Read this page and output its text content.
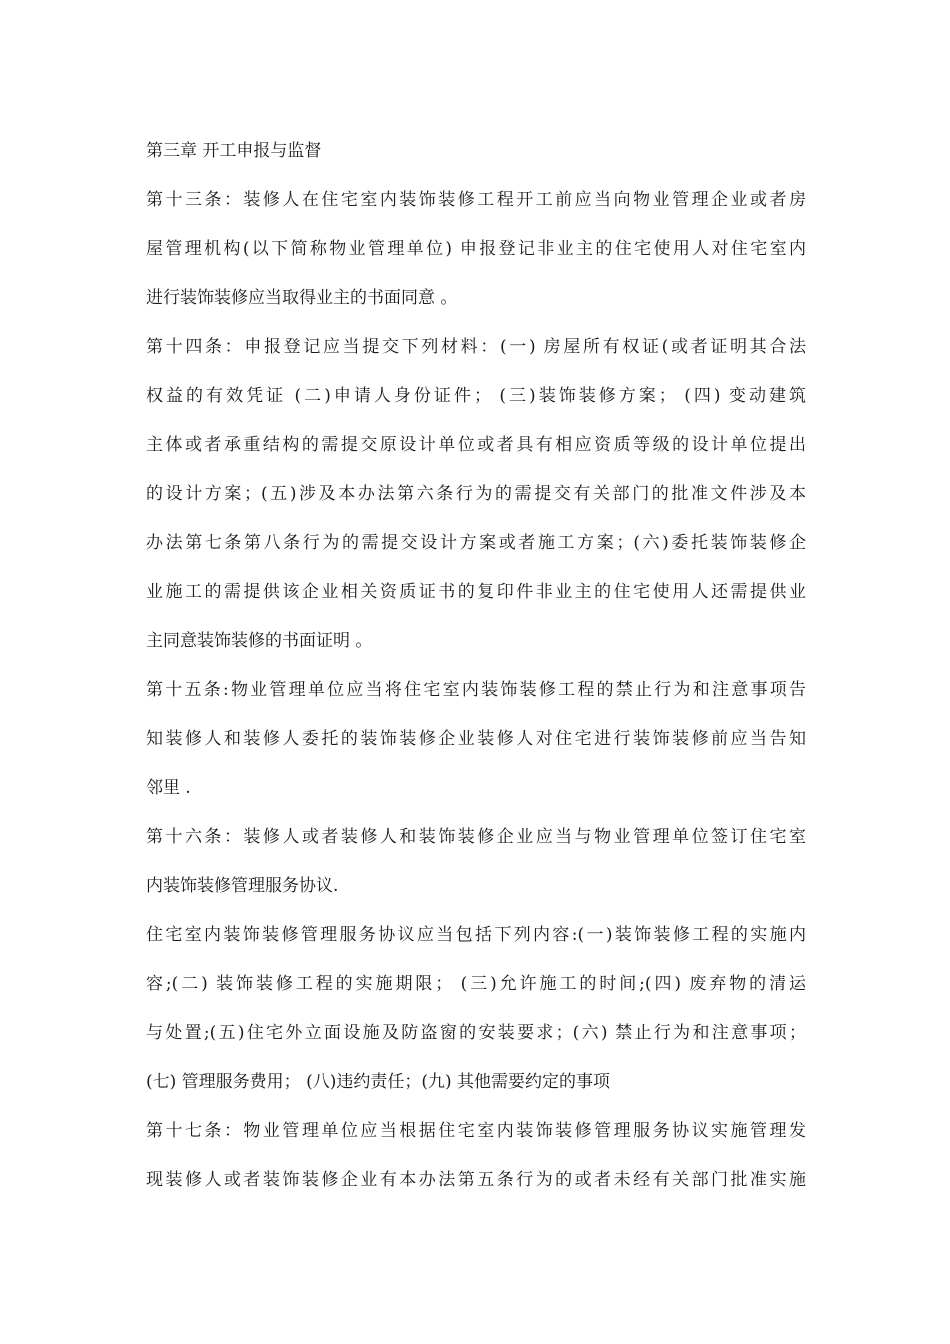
第三章 开工申报与监督

第十三条：装修人在住宅室内装饰装修工程开工前应当向物业管理企业或者房

屋管理机构(以下简称物业管理单位) 申报登记非业主的住宅使用人对住宅室内

进行装饰装修应当取得业主的书面同意 。

第十四条：申报登记应当提交下列材料：(一) 房屋所有权证(或者证明其合法

权益的有效凭证 (二)申请人身份证件； (三)装饰装修方案； (四) 变动建筑

主体或者承重结构的需提交原设计单位或者具有相应资质等级的设计单位提出

的设计方案；(五)涉及本办法第六条行为的需提交有关部门的批准文件涉及本

办法第七条第八条行为的需提交设计方案或者施工方案；(六)委托装饰装修企

业施工的需提供该企业相关资质证书的复印件非业主的住宅使用人还需提供业

主同意装饰装修的书面证明 。

第十五条:物业管理单位应当将住宅室内装饰装修工程的禁止行为和注意事项告

知装修人和装修人委托的装饰装修企业装修人对住宅进行装饰装修前应当告知

邻里 .

第十六条：装修人或者装修人和装饰装修企业应当与物业管理单位签订住宅室

内装饰装修管理服务协议.

住宅室内装饰装修管理服务协议应当包括下列内容:(一)装饰装修工程的实施内

容;(二) 装饰装修工程的实施期限； (三)允许施工的时间;(四) 废弃物的清运

与处置;(五)住宅外立面设施及防盗窗的安装要求；(六) 禁止行为和注意事项；

(七) 管理服务费用； (八)违约责任；(九) 其他需要约定的事项

第十七条：物业管理单位应当根据住宅室内装饰装修管理服务协议实施管理发

现装修人或者装饰装修企业有本办法第五条行为的或者未经有关部门批准实施
